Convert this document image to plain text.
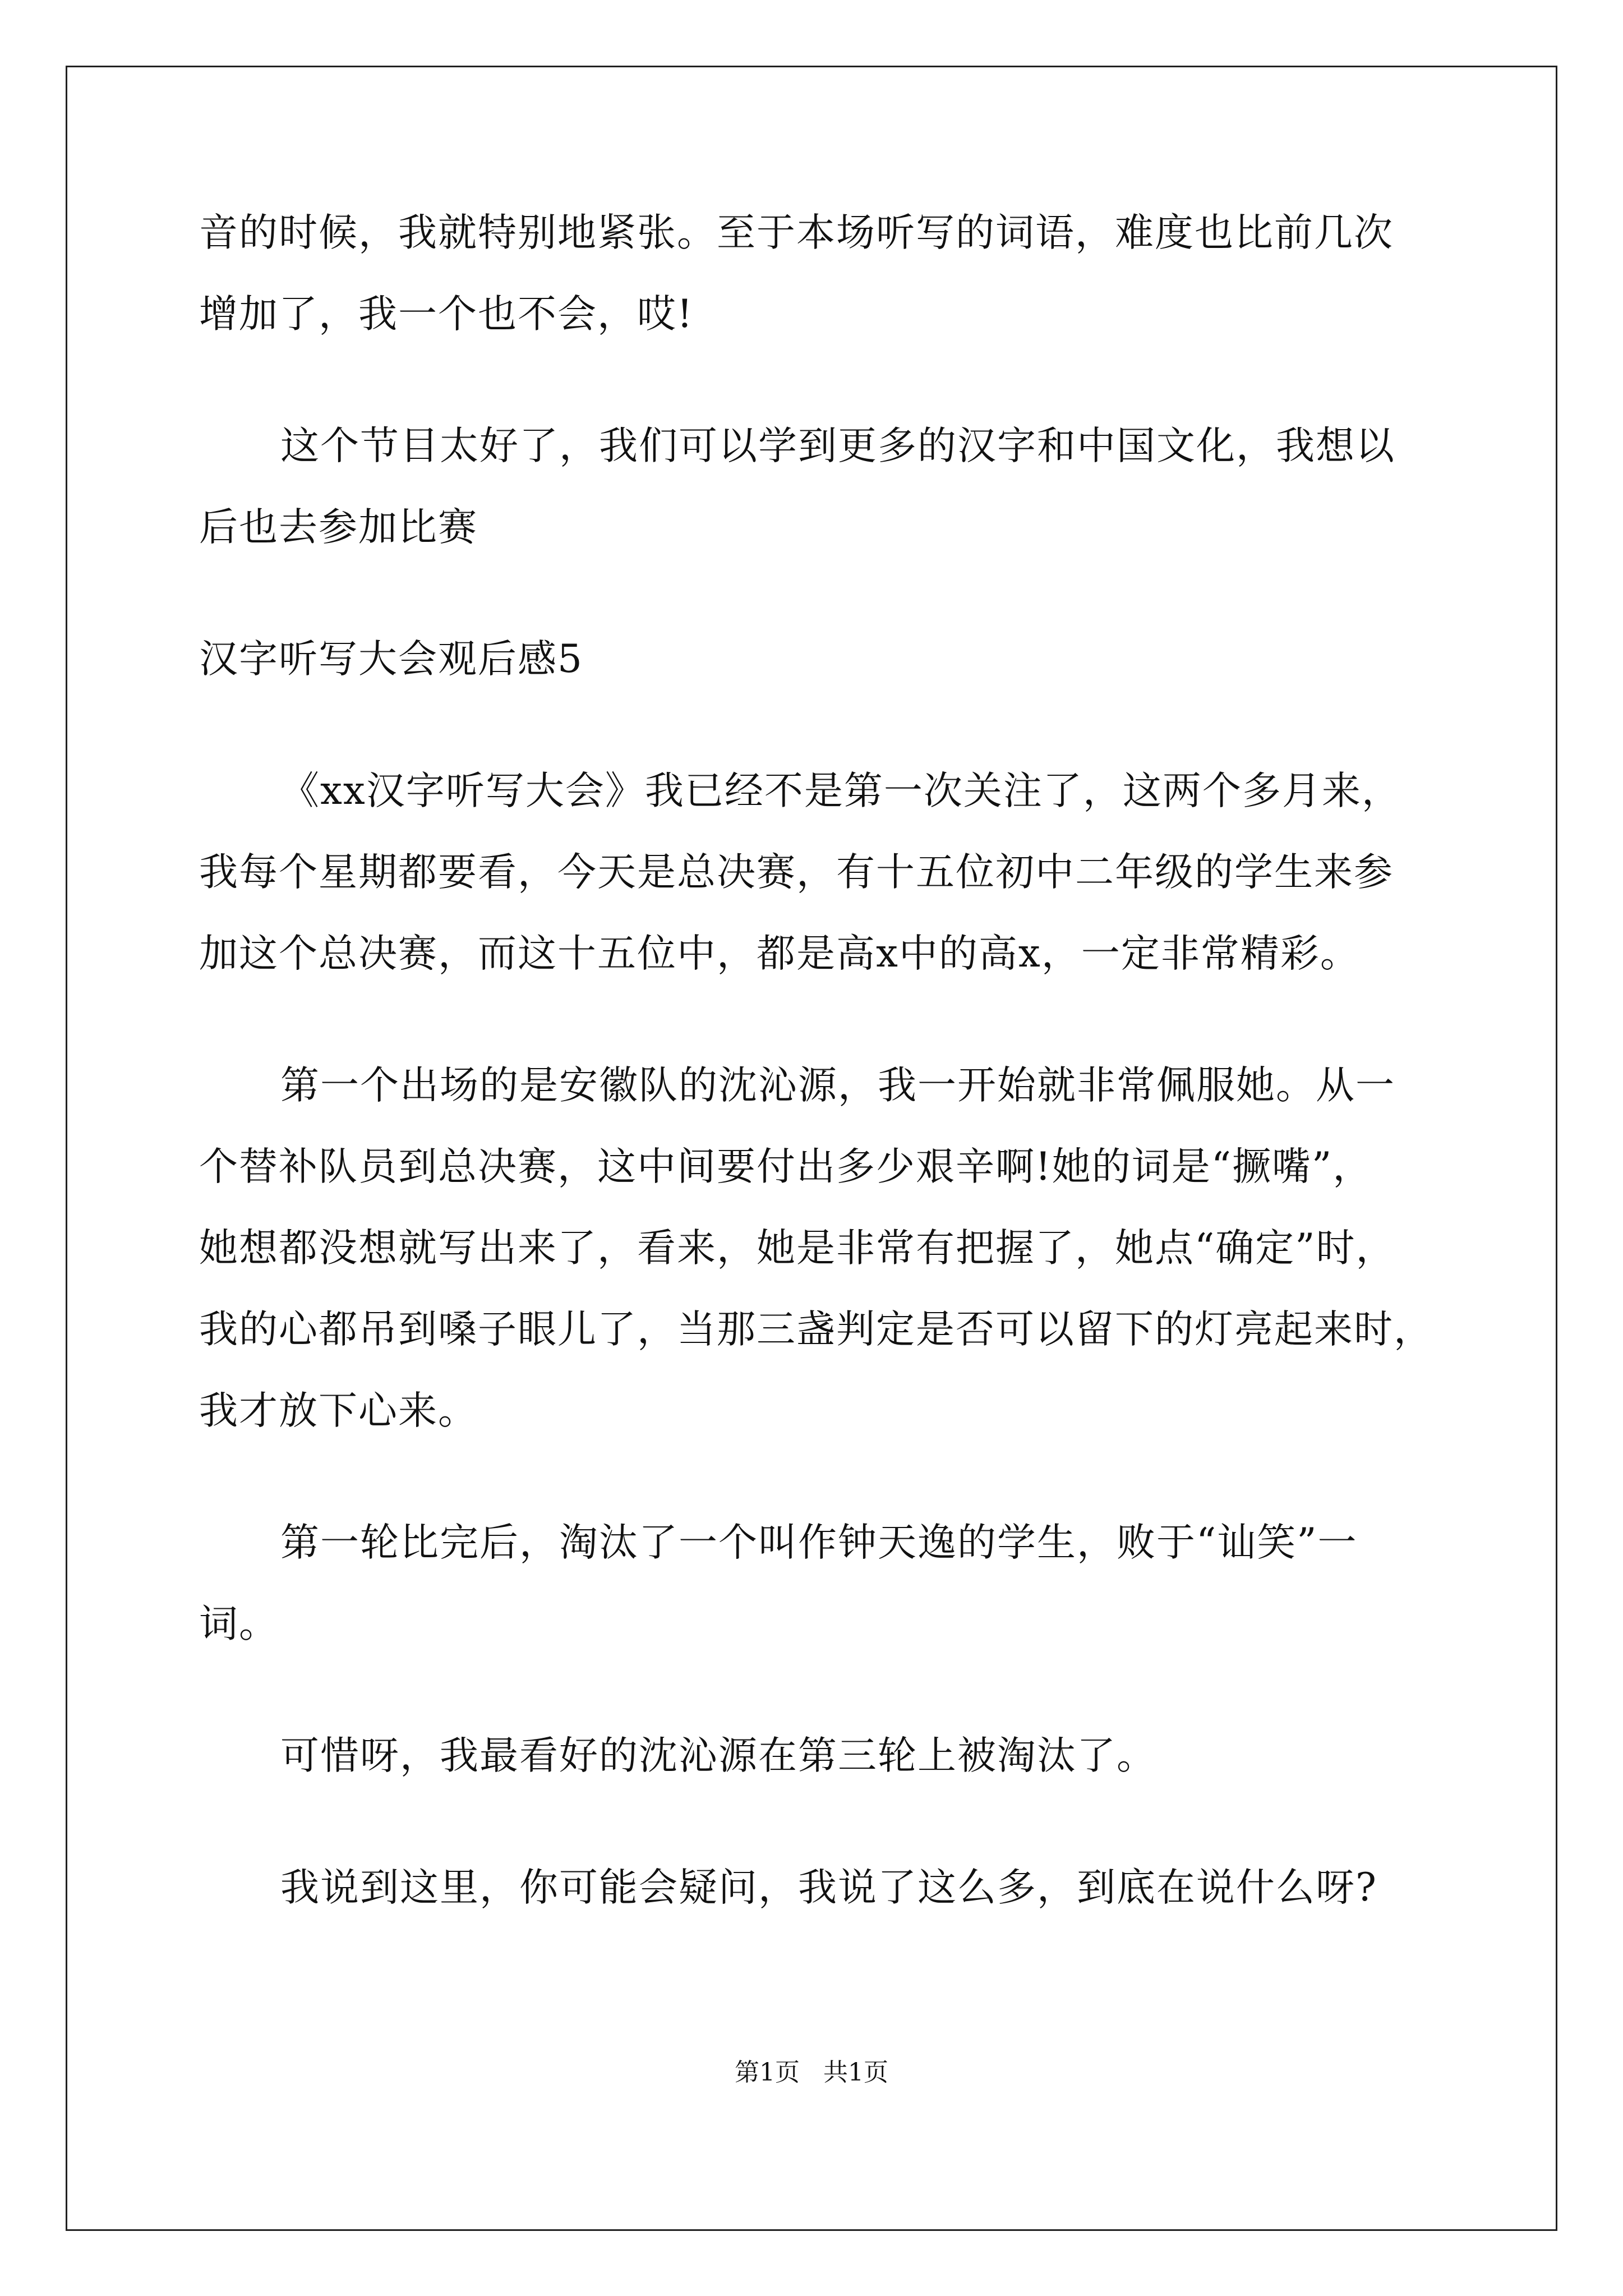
音的时候，我就特别地紧张。至于本场听写的词语，难度也比前几次
增加了，我一个也不会，哎!
这个节目太好了，我们可以学到更多的汉字和中国文化，我想以
后也去参加比赛
汉字听写大会观后感5
《xx汉字听写大会》我已经不是第一次关注了，这两个多月来，
我每个星期都要看，今天是总决赛，有十五位初中二年级的学生来参
加这个总决赛，而这十五位中，都是高x中的高x，一定非常精彩。
第一个出场的是安徽队的沈沁源，我一开始就非常佩服她。从一
个替补队员到总决赛，这中间要付出多少艰辛啊!她的词是“撅嘴”，
她想都没想就写出来了，看来，她是非常有把握了，她点“确定”时，
我的心都吊到嗓子眼儿了，当那三盏判定是否可以留下的灯亮起来时，
我才放下心来。
第一轮比完后，淘汰了一个叫作钟天逸的学生，败于“讪笑”一
词。
可惜呀，我最看好的沈沁源在第三轮上被淘汰了。
我说到这里，你可能会疑问，我说了这么多，到底在说什么呀?
第1页   共1页
